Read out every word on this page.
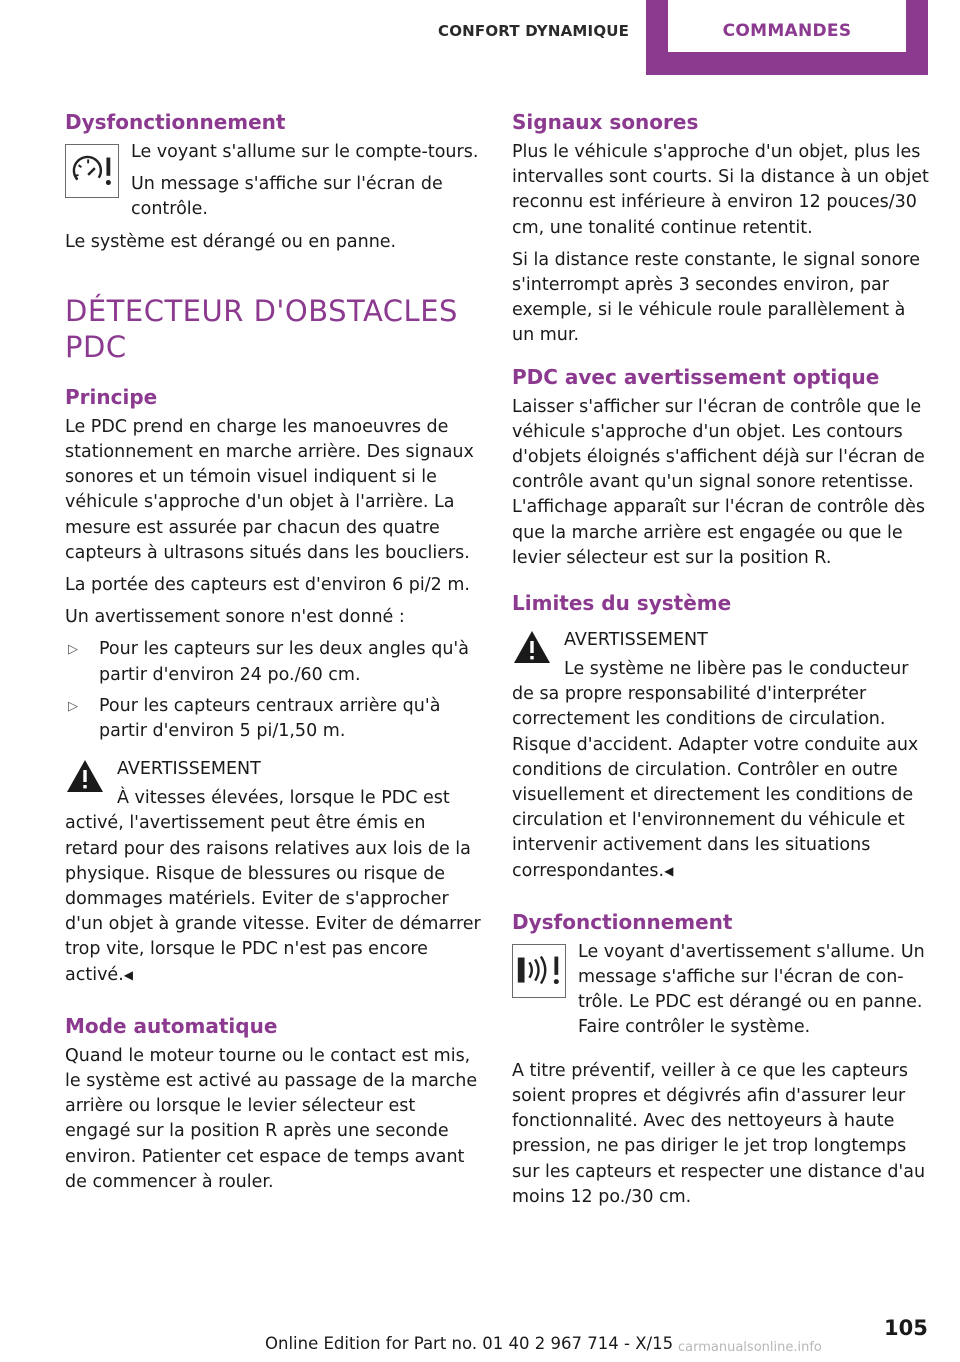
CONFORT DYNAMIQUE	COMMANDES
Dysfonctionnement

Le voyant s'allume sur le compte-tours.

Un message s'affiche sur l'écran de contrôle.

Le système est dérangé ou en panne.

DÉTECTEUR D'OBSTACLES
PDC
Principe

Le PDC prend en charge les manoeuvres de stationnement en marche arrière. Des signaux sonores et un témoin visuel indiquent si le véhicule s'approche d'un objet à l'arrière. La mesure est assurée par chacun des quatre capteurs à ultrasons situés dans les boucliers.

La portée des capteurs est d'environ 6 pi/2 m.

Un avertissement sonore n'est donné :

▷ Pour les capteurs sur les deux angles qu'à partir d'environ 24 po./60 cm.
▷ Pour les capteurs centraux arrière qu'à partir d'environ 5 pi/1,50 m.
AVERTISSEMENT
À vitesses élevées, lorsque le PDC est activé, l'avertissement peut être émis en retard pour des raisons relatives aux lois de la physique. Risque de blessures ou risque de dommages matériels. Eviter de s'approcher d'un objet à grande vitesse. Eviter de démarrer trop vite, lorsque le PDC n'est pas encore activé.◀
Mode automatique

Quand le moteur tourne ou le contact est mis, le système est activé au passage de la marche arrière ou lorsque le levier sélecteur est engagé sur la position R après une seconde environ. Patienter cet espace de temps avant de commencer à rouler.

Signaux sonores

Plus le véhicule s'approche d'un objet, plus les intervalles sont courts. Si la distance à un objet reconnu est inférieure à environ 12 pouces/30 cm, une tonalité continue retentit.

Si la distance reste constante, le signal sonore s'interrompt après 3 secondes environ, par exemple, si le véhicule roule parallèlement à un mur.

PDC avec avertissement optique

Laisser s'afficher sur l'écran de contrôle que le véhicule s'approche d'un objet. Les contours d'objets éloignés s'affichent déjà sur l'écran de contrôle avant qu'un signal sonore retentisse. L'affichage apparaît sur l'écran de contrôle dès que la marche arrière est engagée ou que le levier sélecteur est sur la position R.

Limites du système
AVERTISSEMENT
Le système ne libère pas le conducteur de sa propre responsabilité d'interpréter correctement les conditions de circulation. Risque d'accident. Adapter votre conduite aux conditions de circulation. Contrôler en outre visuellement et directement les conditions de circulation et l'environnement du véhicule et intervenir activement dans les situations correspondantes.◀
Dysfonctionnement

Le voyant d'avertissement s'allume. Un message s'affiche sur l'écran de contrôle. Le PDC est dérangé ou en panne. Faire contrôler le système.

A titre préventif, veiller à ce que les capteurs soient propres et dégivrés afin d'assurer leur fonctionnalité. Avec des nettoyeurs à haute pression, ne pas diriger le jet trop longtemps sur les capteurs et respecter une distance d'au moins 12 po./30 cm.

Online Edition for Part no. 01 40 2 967 714 - X/15
105
carmanualsonline.info
